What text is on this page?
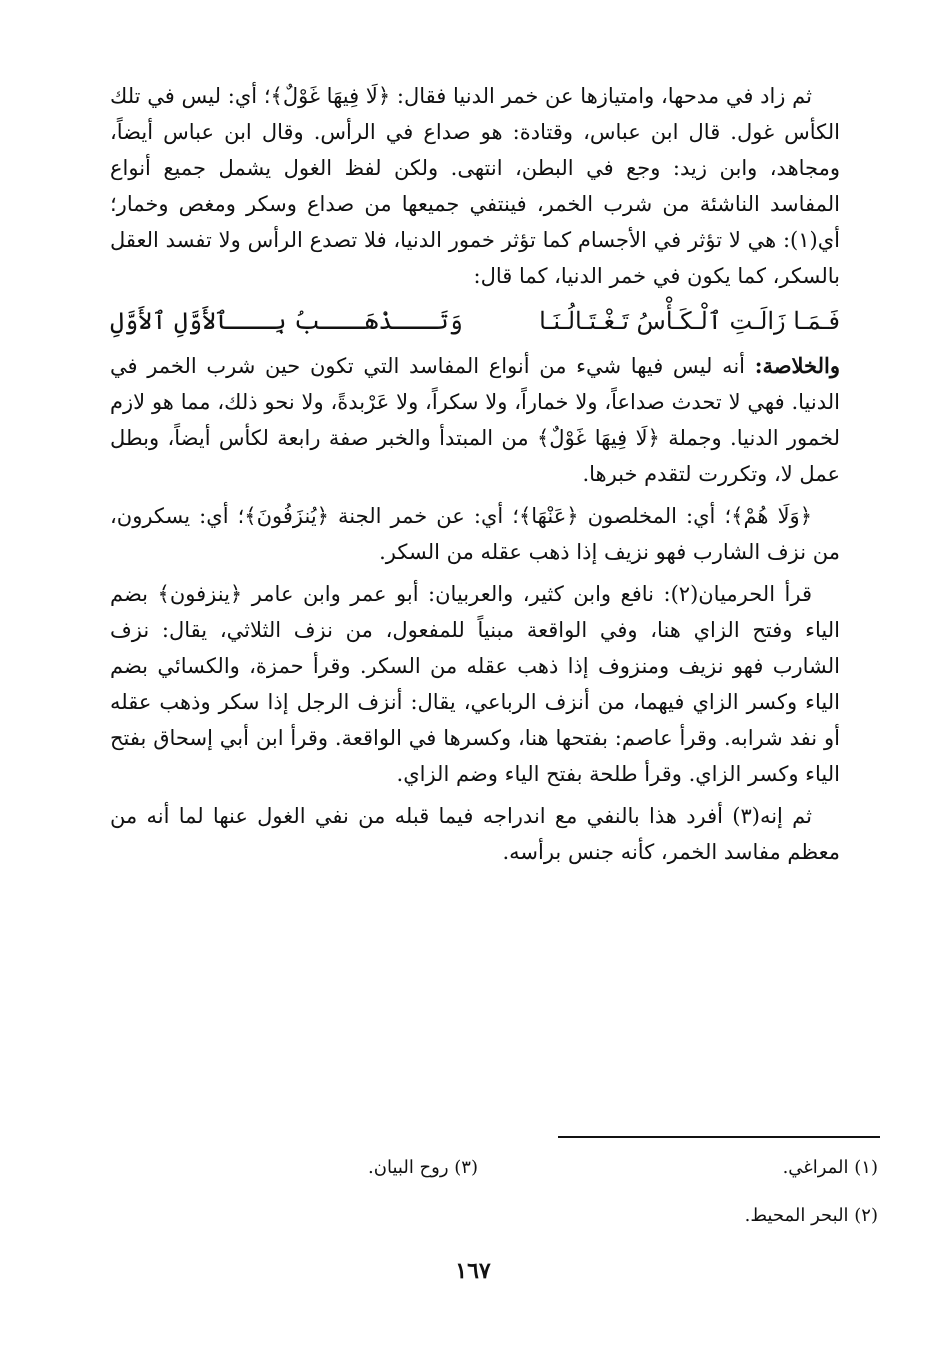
ثم زاد في مدحها، وامتيازها عن خمر الدنيا فقال: ﴿لَا فِيهَا غَوْلٌ﴾؛ أي: ليس في تلك الكأس غول. قال ابن عباس، وقتادة: هو صداع في الرأس. وقال ابن عباس أيضاً، ومجاهد، وابن زيد: وجع في البطن، انتهى. ولكن لفظ الغول يشمل جميع أنواع المفاسد الناشئة من شرب الخمر، فينتفي جميعها من صداع وسكر ومغص وخمار؛ أي(١): هي لا تؤثر في الأجسام كما تؤثر خمور الدنيا، فلا تصدع الرأس ولا تفسد العقل بالسكر، كما يكون في خمر الدنيا، كما قال:

فَـمَـا زَالَـتِ ٱلْـكَـأْسُ تَـغْـتَـالُـنَـا
وَتَـــذْهَـــبُ بِـــٱلأَوَّلِ ٱلأَوَّلِ

والخلاصة: أنه ليس فيها شيء من أنواع المفاسد التي تكون حين شرب الخمر في الدنيا. فهي لا تحدث صداعاً، ولا خماراً، ولا سكراً، ولا عَرْبدةً، ولا نحو ذلك، مما هو لازم لخمور الدنيا. وجملة ﴿لَا فِيهَا غَوْلٌ﴾ من المبتدأ والخبر صفة رابعة لكأس أيضاً، وبطل عمل لا، وتكررت لتقدم خبرها.

﴿وَلَا هُمْ﴾؛ أي: المخلصون ﴿عَنْهَا﴾؛ أي: عن خمر الجنة ﴿يُنزَفُونَ﴾؛ أي: يسكرون، من نزف الشارب فهو نزيف إذا ذهب عقله من السكر.

قرأ الحرميان(٢): نافع وابن كثير، والعربيان: أبو عمر وابن عامر ﴿ينزفون﴾ بضم الياء وفتح الزاي هنا، وفي الواقعة مبنياً للمفعول، من نزف الثلاثي، يقال: نزف الشارب فهو نزيف ومنزوف إذا ذهب عقله من السكر. وقرأ حمزة، والكسائي بضم الياء وكسر الزاي فيهما، من أنزف الرباعي، يقال: أنزف الرجل إذا سكر وذهب عقله أو نفد شرابه. وقرأ عاصم: بفتحها هنا، وكسرها في الواقعة. وقرأ ابن أبي إسحاق بفتح الياء وكسر الزاي. وقرأ طلحة بفتح الياء وضم الزاي.

ثم إنه(٣) أفرد هذا بالنفي مع اندراجه فيما قبله من نفي الغول عنها لما أنه من معظم مفاسد الخمر، كأنه جنس برأسه.

(١) المراغي.
(٣) روح البيان.
(٢) البحر المحيط.
١٦٧
